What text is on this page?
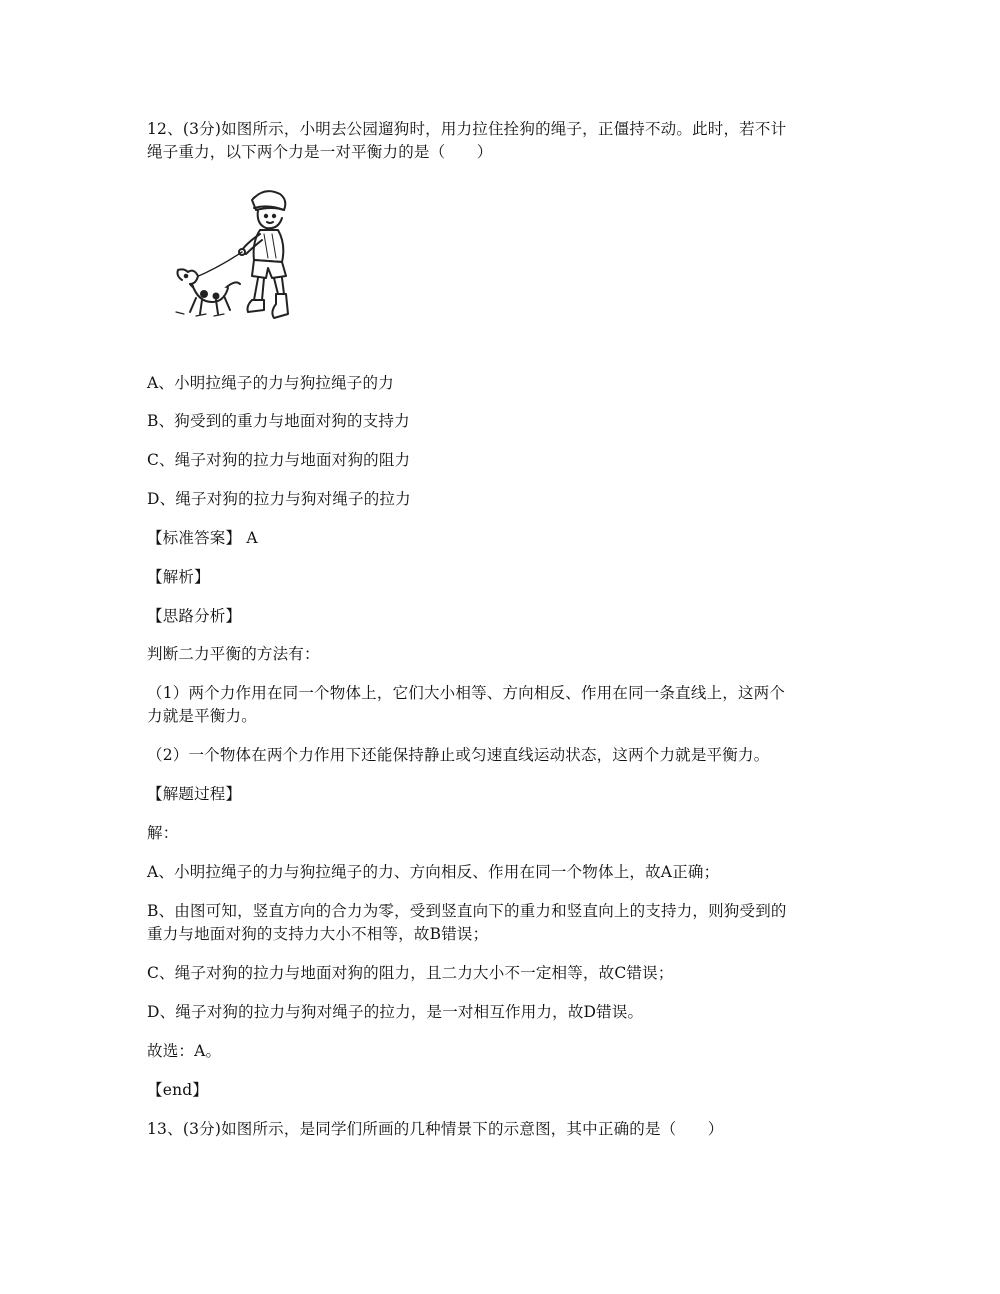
12、(3分)如图所示，小明去公园遛狗时，用力拉住拴狗的绳子，正僵持不动。此时，若不计
绳子重力，以下两个力是一对平衡力的是（　　）
A、小明拉绳子的力与狗拉绳子的力
B、狗受到的重力与地面对狗的支持力
C、绳子对狗的拉力与地面对狗的阻力
D、绳子对狗的拉力与狗对绳子的拉力
【标准答案】 A
【解析】
【思路分析】
判断二力平衡的方法有：
（1）两个力作用在同一个物体上，它们大小相等、方向相反、作用在同一条直线上，这两个
力就是平衡力。
（2）一个物体在两个力作用下还能保持静止或匀速直线运动状态，这两个力就是平衡力。
【解题过程】
解：
A、小明拉绳子的力与狗拉绳子的力、方向相反、作用在同一个物体上，故A正确；
B、由图可知，竖直方向的合力为零，受到竖直向下的重力和竖直向上的支持力，则狗受到的
重力与地面对狗的支持力大小不相等，故B错误；
C、绳子对狗的拉力与地面对狗的阻力，且二力大小不一定相等，故C错误；
D、绳子对狗的拉力与狗对绳子的拉力，是一对相互作用力，故D错误。
故选：A。
【end】
13、(3分)如图所示，是同学们所画的几种情景下的示意图，其中正确的是（　　）
